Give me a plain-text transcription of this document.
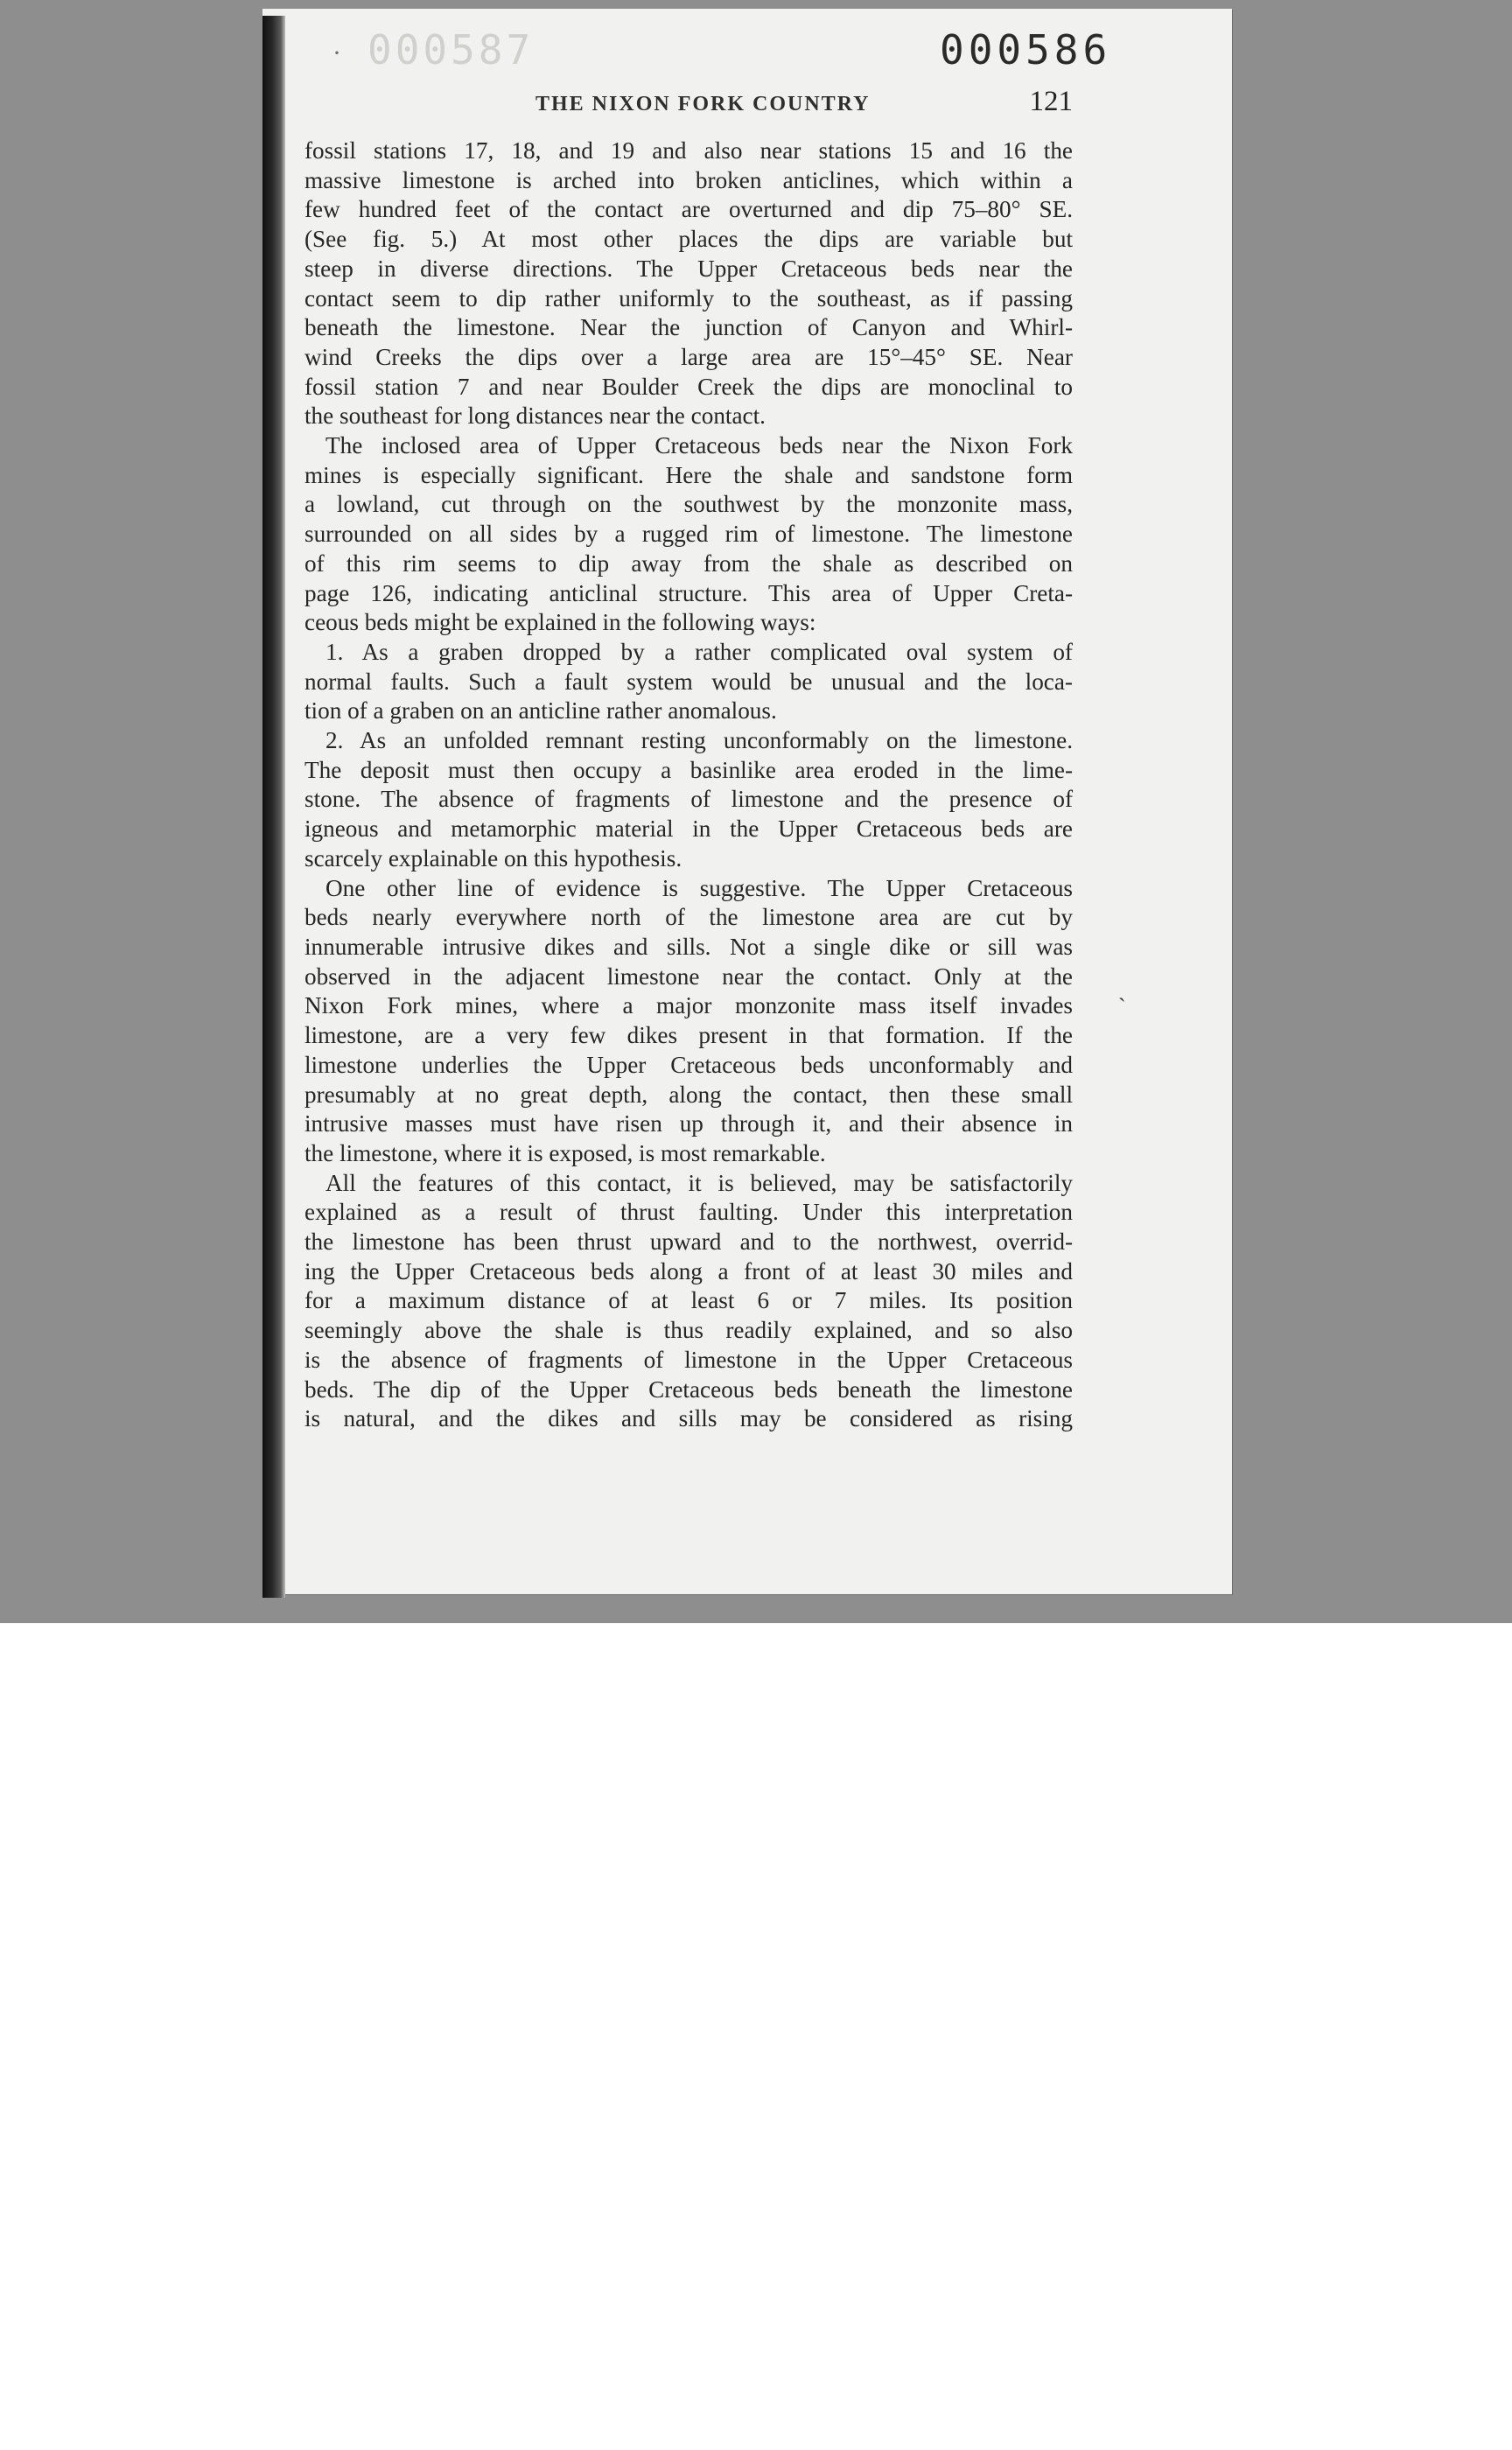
· 000587	000586
THE NIXON FORK COUNTRY	121
fossil stations 17, 18, and 19 and also near stations 15 and 16 the
massive limestone is arched into broken anticlines, which within a
few hundred feet of the contact are overturned and dip 75–80° SE.
(See fig. 5.) At most other places the dips are variable but
steep in diverse directions. The Upper Cretaceous beds near the
contact seem to dip rather uniformly to the southeast, as if passing
beneath the limestone. Near the junction of Canyon and Whirl-
wind Creeks the dips over a large area are 15°–45° SE. Near
fossil station 7 and near Boulder Creek the dips are monoclinal to
the southeast for long distances near the contact.
The inclosed area of Upper Cretaceous beds near the Nixon Fork
mines is especially significant. Here the shale and sandstone form
a lowland, cut through on the southwest by the monzonite mass,
surrounded on all sides by a rugged rim of limestone. The limestone
of this rim seems to dip away from the shale as described on
page 126, indicating anticlinal structure. This area of Upper Creta-
ceous beds might be explained in the following ways:
1. As a graben dropped by a rather complicated oval system of
normal faults. Such a fault system would be unusual and the loca-
tion of a graben on an anticline rather anomalous.
2. As an unfolded remnant resting unconformably on the limestone.
The deposit must then occupy a basinlike area eroded in the lime-
stone. The absence of fragments of limestone and the presence of
igneous and metamorphic material in the Upper Cretaceous beds are
scarcely explainable on this hypothesis.
One other line of evidence is suggestive. The Upper Cretaceous
beds nearly everywhere north of the limestone area are cut by
innumerable intrusive dikes and sills. Not a single dike or sill was
observed in the adjacent limestone near the contact. Only at the
Nixon Fork mines, where a major monzonite mass itself invades
limestone, are a very few dikes present in that formation. If the
limestone underlies the Upper Cretaceous beds unconformably and
presumably at no great depth, along the contact, then these small
intrusive masses must have risen up through it, and their absence in
the limestone, where it is exposed, is most remarkable.
All the features of this contact, it is believed, may be satisfactorily
explained as a result of thrust faulting. Under this interpretation
the limestone has been thrust upward and to the northwest, overrid-
ing the Upper Cretaceous beds along a front of at least 30 miles and
for a maximum distance of at least 6 or 7 miles. Its position
seemingly above the shale is thus readily explained, and so also
is the absence of fragments of limestone in the Upper Cretaceous
beds. The dip of the Upper Cretaceous beds beneath the limestone
is natural, and the dikes and sills may be considered as rising
ˏ
